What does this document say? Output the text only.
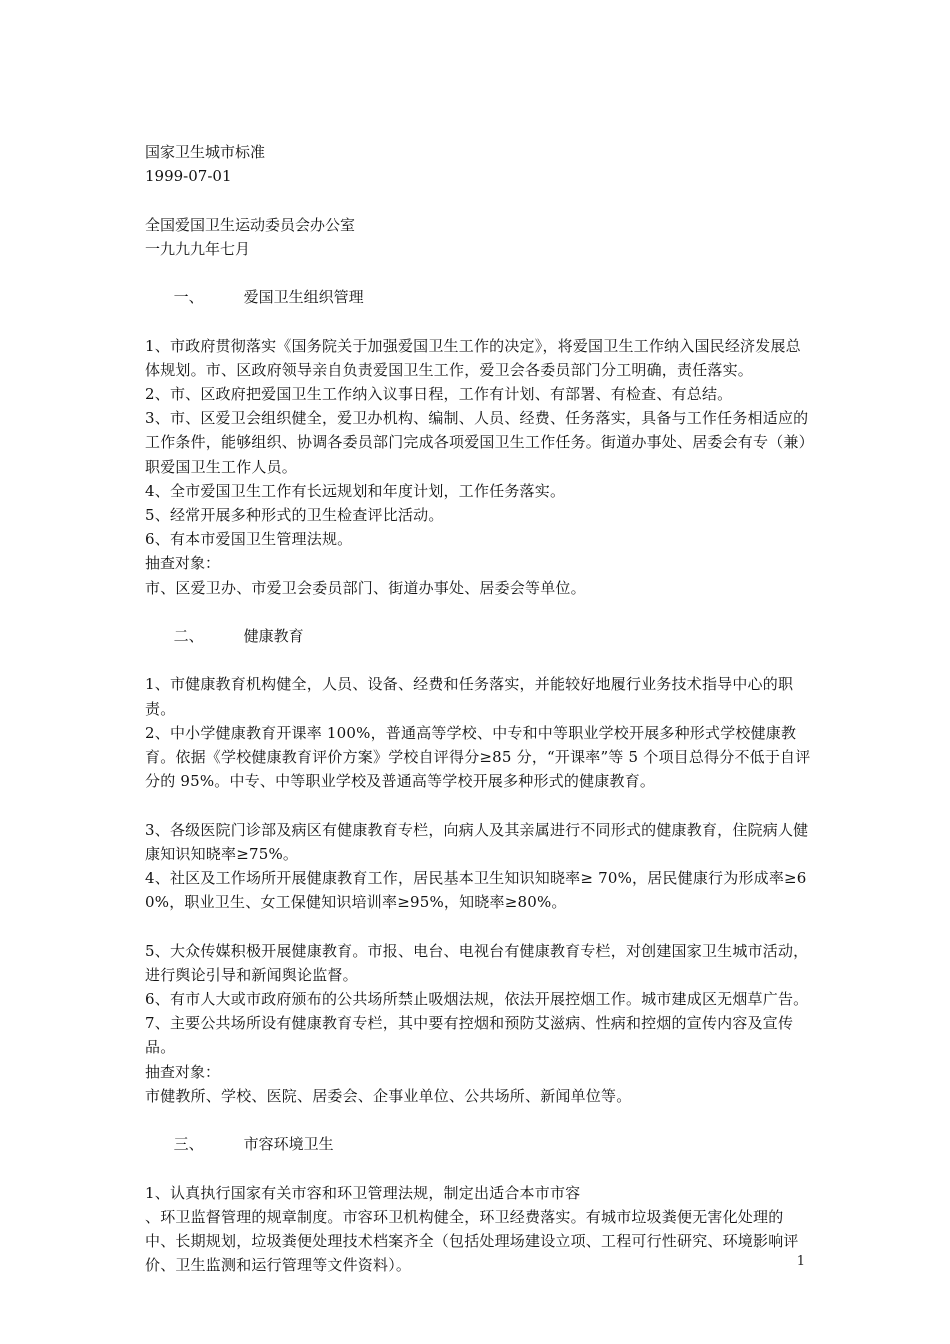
国家卫生城市标准
1999-07-01
全国爱国卫生运动委员会办公室
一九九九年七月

一、	爱国卫生组织管理

1、市政府贯彻落实《国务院关于加强爱国卫生工作的决定》，将爱国卫生工作纳入国民经济发展总体规划。市、区政府领导亲自负责爱国卫生工作，爱卫会各委员部门分工明确，责任落实。
2、市、区政府把爱国卫生工作纳入议事日程，工作有计划、有部署、有检查、有总结。
3、市、区爱卫会组织健全，爱卫办机构、编制、人员、经费、任务落实，具备与工作任务相适应的工作条件，能够组织、协调各委员部门完成各项爱国卫生工作任务。街道办事处、居委会有专（兼）职爱国卫生工作人员。
4、全市爱国卫生工作有长远规划和年度计划，工作任务落实。
5、经常开展多种形式的卫生检查评比活动。
6、有本市爱国卫生管理法规。
抽查对象：
市、区爱卫办、市爱卫会委员部门、街道办事处、居委会等单位。

二、	健康教育

1、市健康教育机构健全，人员、设备、经费和任务落实，并能较好地履行业务技术指导中心的职责。
2、中小学健康教育开课率 100%，普通高等学校、中专和中等职业学校开展多种形式学校健康教育。依据《学校健康教育评价方案》学校自评得分≥85 分，“开课率”等 5 个项目总得分不低于自评分的 95%。中专、中等职业学校及普通高等学校开展多种形式的健康教育。
3、各级医院门诊部及病区有健康教育专栏，向病人及其亲属进行不同形式的健康教育，住院病人健康知识知晓率≥75%。
4、社区及工作场所开展健康教育工作，居民基本卫生知识知晓率≥ 70%，居民健康行为形成率≥60%，职业卫生、女工保健知识培训率≥95%，知晓率≥80%。
5、大众传媒积极开展健康教育。市报、电台、电视台有健康教育专栏，对创建国家卫生城市活动，进行舆论引导和新闻舆论监督。
6、有市人大或市政府颁布的公共场所禁止吸烟法规，依法开展控烟工作。城市建成区无烟草广告。
7、主要公共场所设有健康教育专栏，其中要有控烟和预防艾滋病、性病和控烟的宣传内容及宣传品。
抽查对象：
市健教所、学校、医院、居委会、企事业单位、公共场所、新闻单位等。

三、	市容环境卫生

1、认真执行国家有关市容和环卫管理法规，制定出适合本市市容
、环卫监督管理的规章制度。市容环卫机构健全，环卫经费落实。有城市垃圾粪便无害化处理的中、长期规划，垃圾粪便处理技术档案齐全（包括处理场建设立项、工程可行性研究、环境影响评价、卫生监测和运行管理等文件资料）。	1
